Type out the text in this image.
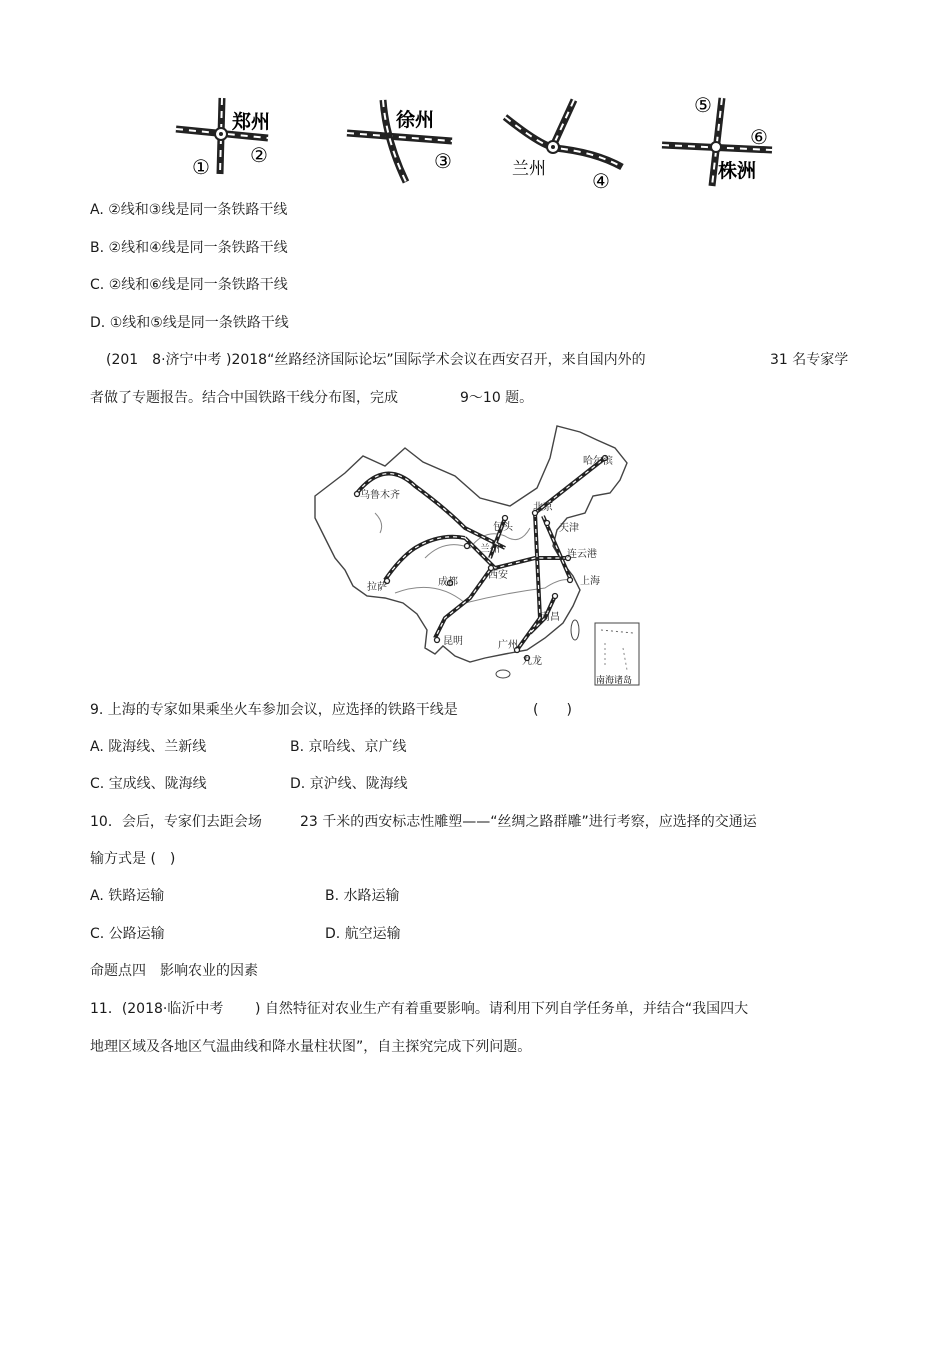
郑州
① ②
徐州
③	兰州 ④
⑤
⑥
株洲
A. ②线和③线是同一条铁路干线
B. ②线和④线是同一条铁路干线
C. ②线和⑥线是同一条铁路干线
D. ①线和⑤线是同一条铁路干线
(201　8·济宁中考 )2018“丝路经济国际论坛”国际学术会议在西安召开，来自国内外的	31 名专家学
者做了专题报告。结合中国铁路干线分布图，完成	9～10 题。
乌鲁木齐
哈尔滨
北京
包头	天津
兰州	连云港
西安
成都
拉萨
上海
南昌
昆明	广州
九龙
南海诸岛
9. 上海的专家如果乘坐火车参加会议，应选择的铁路干线是	(　　)
A. 陇海线、兰新线	B. 京哈线、京广线
C. 宝成线、陇海线	D. 京沪线、陇海线
10．会后，专家们去距会场	23 千米的西安标志性雕塑——“丝绸之路群雕”进行考察，应选择的交通运
输方式是 (　)
A. 铁路运输	B. 水路运输
C. 公路运输	D. 航空运输
命题点四　影响农业的因素
11．(2018·临沂中考 ) 自然特征对农业生产有着重要影响。请利用下列自学任务单，并结合“我国四大
地理区域及各地区气温曲线和降水量柱状图”，自主探究完成下列问题。
